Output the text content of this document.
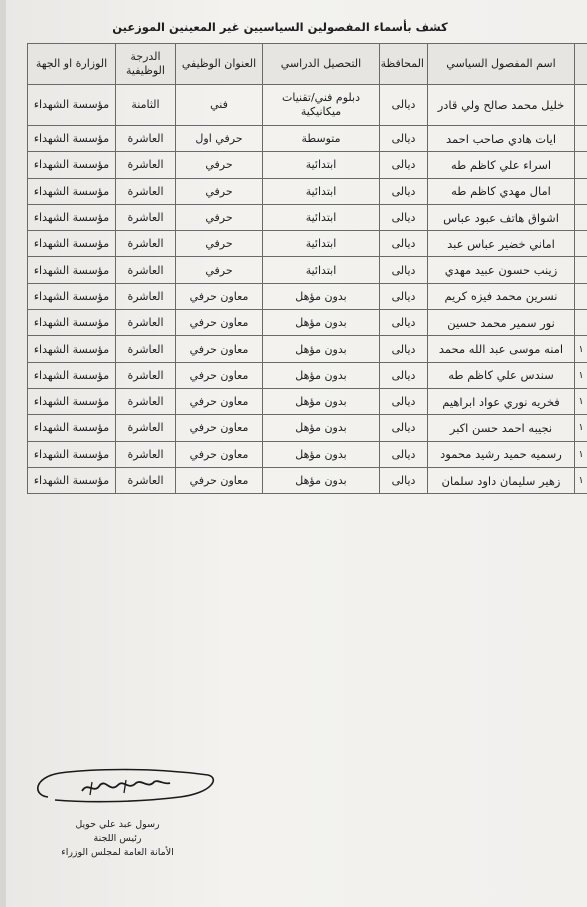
كشف بأسماء المفصولين السياسيين غير المعينين الموزعين
	اسم المفصول السياسي	المحافظة	التحصيل الدراسي	العنوان الوظيفي	الدرجة الوظيفية	الوزارة او الجهة
	خليل محمد صالح ولي قادر	ديالى	دبلوم فني/تقنيات ميكانيكية	فني	الثامنة	مؤسسة الشهداء
	ايات هادي صاحب احمد	ديالى	متوسطة	حرفي اول	العاشرة	مؤسسة الشهداء
	اسراء علي كاظم طه	ديالى	ابتدائية	حرفي	العاشرة	مؤسسة الشهداء
	امال مهدي كاظم طه	ديالى	ابتدائية	حرفي	العاشرة	مؤسسة الشهداء
	اشواق هاتف عبود عباس	ديالى	ابتدائية	حرفي	العاشرة	مؤسسة الشهداء
	اماني خضير عباس عبد	ديالى	ابتدائية	حرفي	العاشرة	مؤسسة الشهداء
	زينب حسون عبيد مهدي	ديالى	ابتدائية	حرفي	العاشرة	مؤسسة الشهداء
	نسرين محمد فيزه كريم	ديالى	بدون مؤهل	معاون حرفي	العاشرة	مؤسسة الشهداء
	نور سمير محمد حسين	ديالى	بدون مؤهل	معاون حرفي	العاشرة	مؤسسة الشهداء
١	امنه موسى عبد الله محمد	ديالى	بدون مؤهل	معاون حرفي	العاشرة	مؤسسة الشهداء
١	سندس علي كاظم طه	ديالى	بدون مؤهل	معاون حرفي	العاشرة	مؤسسة الشهداء
١	فخريه نوري عواد ابراهيم	ديالى	بدون مؤهل	معاون حرفي	العاشرة	مؤسسة الشهداء
١	نجيبه احمد حسن اكبر	ديالى	بدون مؤهل	معاون حرفي	العاشرة	مؤسسة الشهداء
١	رسميه حميد رشيد محمود	ديالى	بدون مؤهل	معاون حرفي	العاشرة	مؤسسة الشهداء
١	زهير سليمان داود سلمان	ديالى	بدون مؤهل	معاون حرفي	العاشرة	مؤسسة الشهداء
رسول عبد علي حويل
رئيس اللجنة
الأمانة العامة لمجلس الوزراء
